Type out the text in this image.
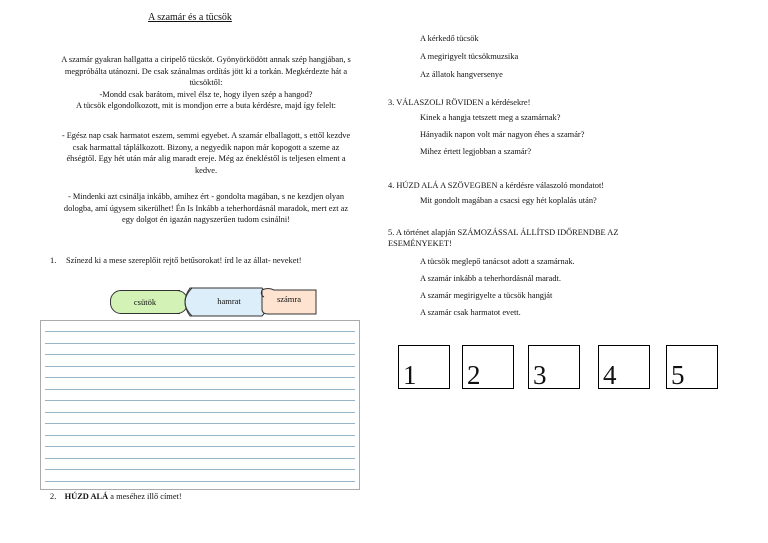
A szamár és a tücsök
A szamár gyakran hallgatta a ciripelő tücsköt. Gyönyörködött annak szép hangjában, s
megpróbálta utánozni. De csak szánalmas ordítás jött ki a torkán. Megkérdezte hát a
tücsöktől:
-Mondd csak barátom, mivel élsz te, hogy ilyen szép a hangod?
A tücsök elgondolkozott, mit is mondjon erre a buta kérdésre, majd így felelt:
- Egész nap csak harmatot eszem, semmi egyebet. A szamár elballagott, s ettől kezdve
csak harmattal táplálkozott. Bizony, a negyedik napon már kopogott a szeme az
éhségtől. Egy hét után már alig maradt ereje. Még az énekléstől is teljesen elment a
kedve.
- Mindenki azt csinálja inkább, amihez ért - gondolta magában, s ne kezdjen olyan
dologba, amí úgysem sikerülhet! Én Is Inkább a teherhordásnál maradok, mert ezt az
egy dolgot én igazán nagyszerűen tudom csinálni!
1. Színezd ki a mese szereplőit rejtő betűsorokat! írd le az állat- neveket!
csütök	hamrat	számra
2. HÚZD ALÁ a meséhez illő címet!
A kérkedő tücsök
A megirigyelt tücsökmuzsika
Az állatok hangversenye
3. VÁLASZOLJ RÖVIDEN a kérdésekre!
Kinek a hangja tetszett meg a szamárnak?
Hányadik napon volt már nagyon éhes a szamár?
Mihez értett legjobban a szamár?
4. HÚZD ALÁ A SZÖVEGBEN a kérdésre válaszoló mondatot!
Mit gondolt magában a csacsi egy hét koplalás után?
5. A történet alapján SZÁMOZÁSSAL ÁLLÍTSD IDŐRENDBE AZ
ESEMÉNYEKET!
A tücsök meglepő tanácsot adott a szamárnak.
A szamár inkább a teherhordásnál maradt.
A szamár megirigyelte a tücsök hangját
A szamár csak harmatot evett.
1 2 3 4 5
